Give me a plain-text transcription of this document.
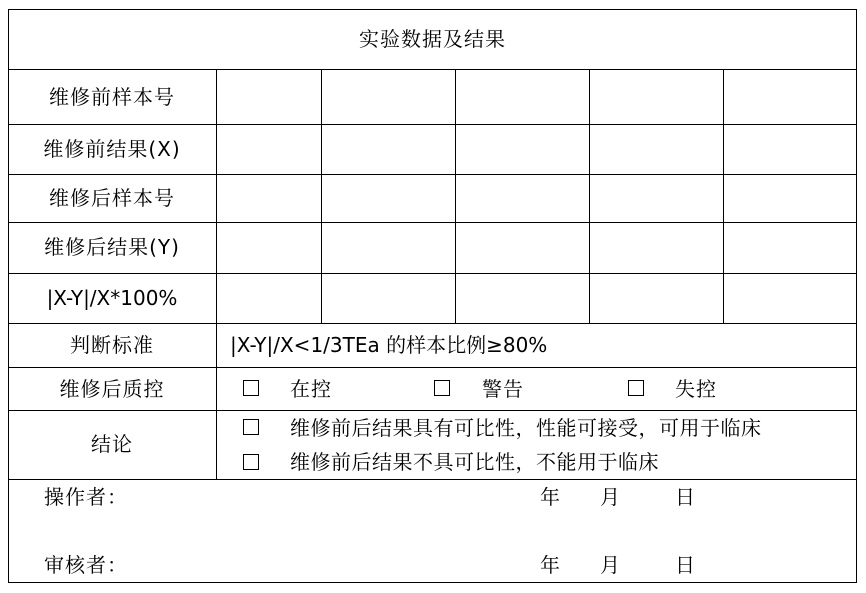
实验数据及结果
维修前样本号
维修前结果(X)
维修后样本号
维修后结果(Y)
|X-Y|/X*100%
判断标准	|X-Y|/X<1/3TEa 的样本比例≥80%
维修后质控	在控	警告	失控
结论
维修前后结果具有可比性，性能可接受，可用于临床
维修前后结果不具可比性，不能用于临床
操作者：	年 月	日
审核者：	年 月	日
